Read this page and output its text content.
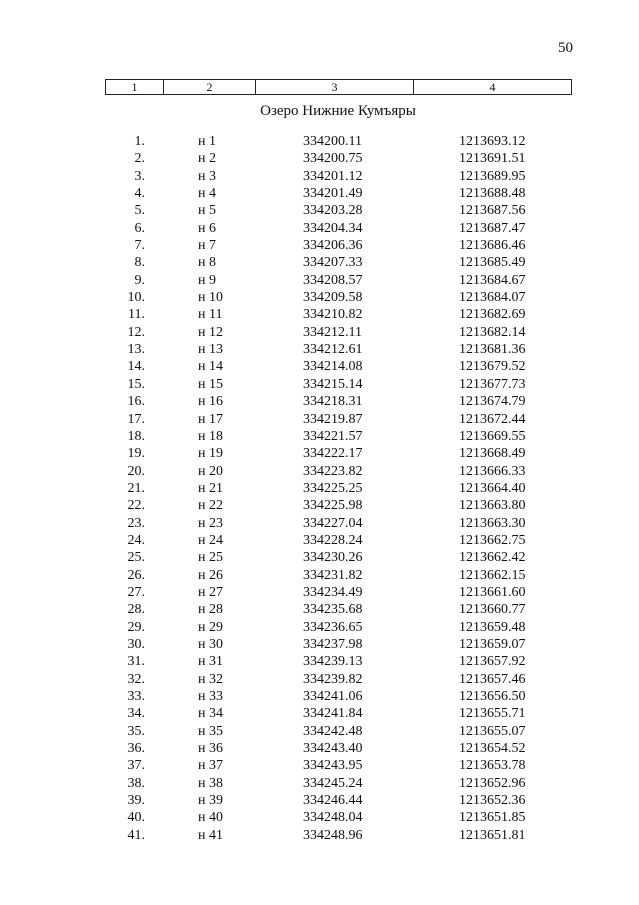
50
1	2	3	4
Озеро Нижние Кумъяры
1.	н 1	334200.11	1213693.12
2.	н 2	334200.75	1213691.51
3.	н 3	334201.12	1213689.95
4.	н 4	334201.49	1213688.48
5.	н 5	334203.28	1213687.56
6.	н 6	334204.34	1213687.47
7.	н 7	334206.36	1213686.46
8.	н 8	334207.33	1213685.49
9.	н 9	334208.57	1213684.67
10.	н 10	334209.58	1213684.07
11.	н 11	334210.82	1213682.69
12.	н 12	334212.11	1213682.14
13.	н 13	334212.61	1213681.36
14.	н 14	334214.08	1213679.52
15.	н 15	334215.14	1213677.73
16.	н 16	334218.31	1213674.79
17.	н 17	334219.87	1213672.44
18.	н 18	334221.57	1213669.55
19.	н 19	334222.17	1213668.49
20.	н 20	334223.82	1213666.33
21.	н 21	334225.25	1213664.40
22.	н 22	334225.98	1213663.80
23.	н 23	334227.04	1213663.30
24.	н 24	334228.24	1213662.75
25.	н 25	334230.26	1213662.42
26.	н 26	334231.82	1213662.15
27.	н 27	334234.49	1213661.60
28.	н 28	334235.68	1213660.77
29.	н 29	334236.65	1213659.48
30.	н 30	334237.98	1213659.07
31.	н 31	334239.13	1213657.92
32.	н 32	334239.82	1213657.46
33.	н 33	334241.06	1213656.50
34.	н 34	334241.84	1213655.71
35.	н 35	334242.48	1213655.07
36.	н 36	334243.40	1213654.52
37.	н 37	334243.95	1213653.78
38.	н 38	334245.24	1213652.96
39.	н 39	334246.44	1213652.36
40.	н 40	334248.04	1213651.85
41.	н 41	334248.96	1213651.81
